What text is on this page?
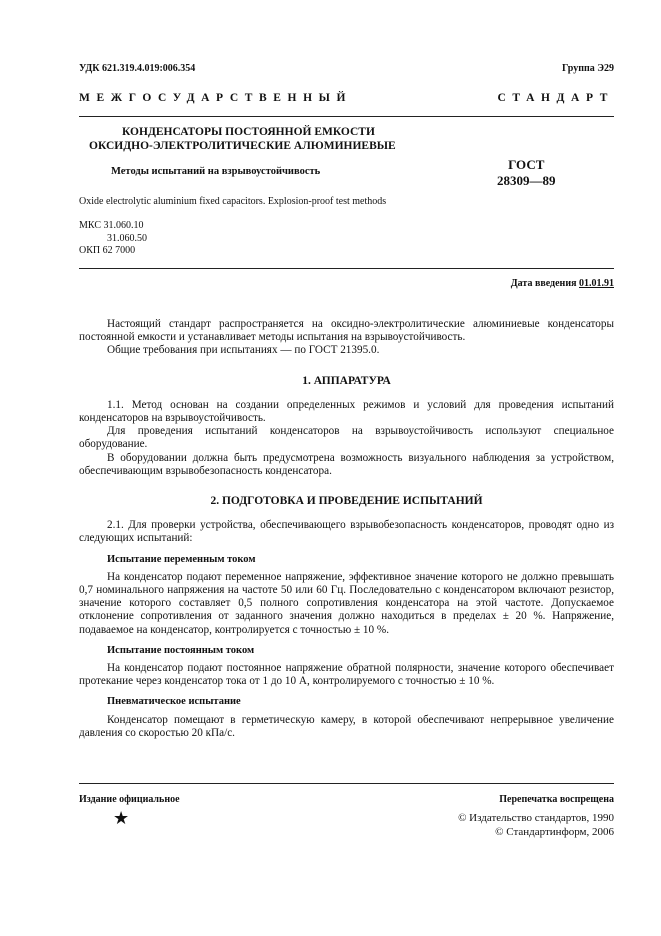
УДК 621.319.4.019:006.354	Группа Э29
МЕЖГОСУДАРСТВЕННЫЙ СТАНДАРТ
КОНДЕНСАТОРЫ ПОСТОЯННОЙ ЕМКОСТИ
ОКСИДНО-ЭЛЕКТРОЛИТИЧЕСКИЕ АЛЮМИНИЕВЫЕ
Методы испытаний на взрывоустойчивость	ГОСТ
28309—89
Oxide electrolytic aluminium fixed capacitors. Explosion-proof test methods
МКС 31.060.10
31.060.50
ОКП 62 7000
Дата введения 01.01.91

Настоящий стандарт распространяется на оксидно-электролитические алюминиевые конденсаторы постоянной емкости и устанавливает методы испытания на взрывоустойчивость.

Общие требования при испытаниях — по ГОСТ 21395.0.

1. АППАРАТУРА

1.1. Метод основан на создании определенных режимов и условий для проведения испытаний конденсаторов на взрывоустойчивость.

Для проведения испытаний конденсаторов на взрывоустойчивость используют специальное оборудование.

В оборудовании должна быть предусмотрена возможность визуального наблюдения за устройством, обеспечивающим взрывобезопасность конденсатора.

2. ПОДГОТОВКА И ПРОВЕДЕНИЕ ИСПЫТАНИЙ

2.1. Для проверки устройства, обеспечивающего взрывобезопасность конденсаторов, проводят одно из следующих испытаний:

Испытание переменным током

На конденсатор подают переменное напряжение, эффективное значение которого не должно превышать 0,7 номинального напряжения на частоте 50 или 60 Гц. Последовательно с конденсатором включают резистор, значение которого составляет 0,5 полного сопротивления конденсатора на этой частоте. Допускаемое отклонение сопротивления от заданного значения должно находиться в пределах ± 20 %. Напряжение, подаваемое на конденсатор, контролируется с точностью ± 10 %.

Испытание постоянным током

На конденсатор подают постоянное напряжение обратной полярности, значение которого обеспечивает протекание через конденсатор тока от 1 до 10 А, контролируемого с точностью ± 10 %.

Пневматическое испытание

Конденсатор помещают в герметическую камеру, в которой обеспечивают непрерывное увеличение давления со скоростью 20 кПа/с.

Издание официальное	Перепечатка воспрещена
★	© Издательство стандартов, 1990
© Стандартинформ, 2006
